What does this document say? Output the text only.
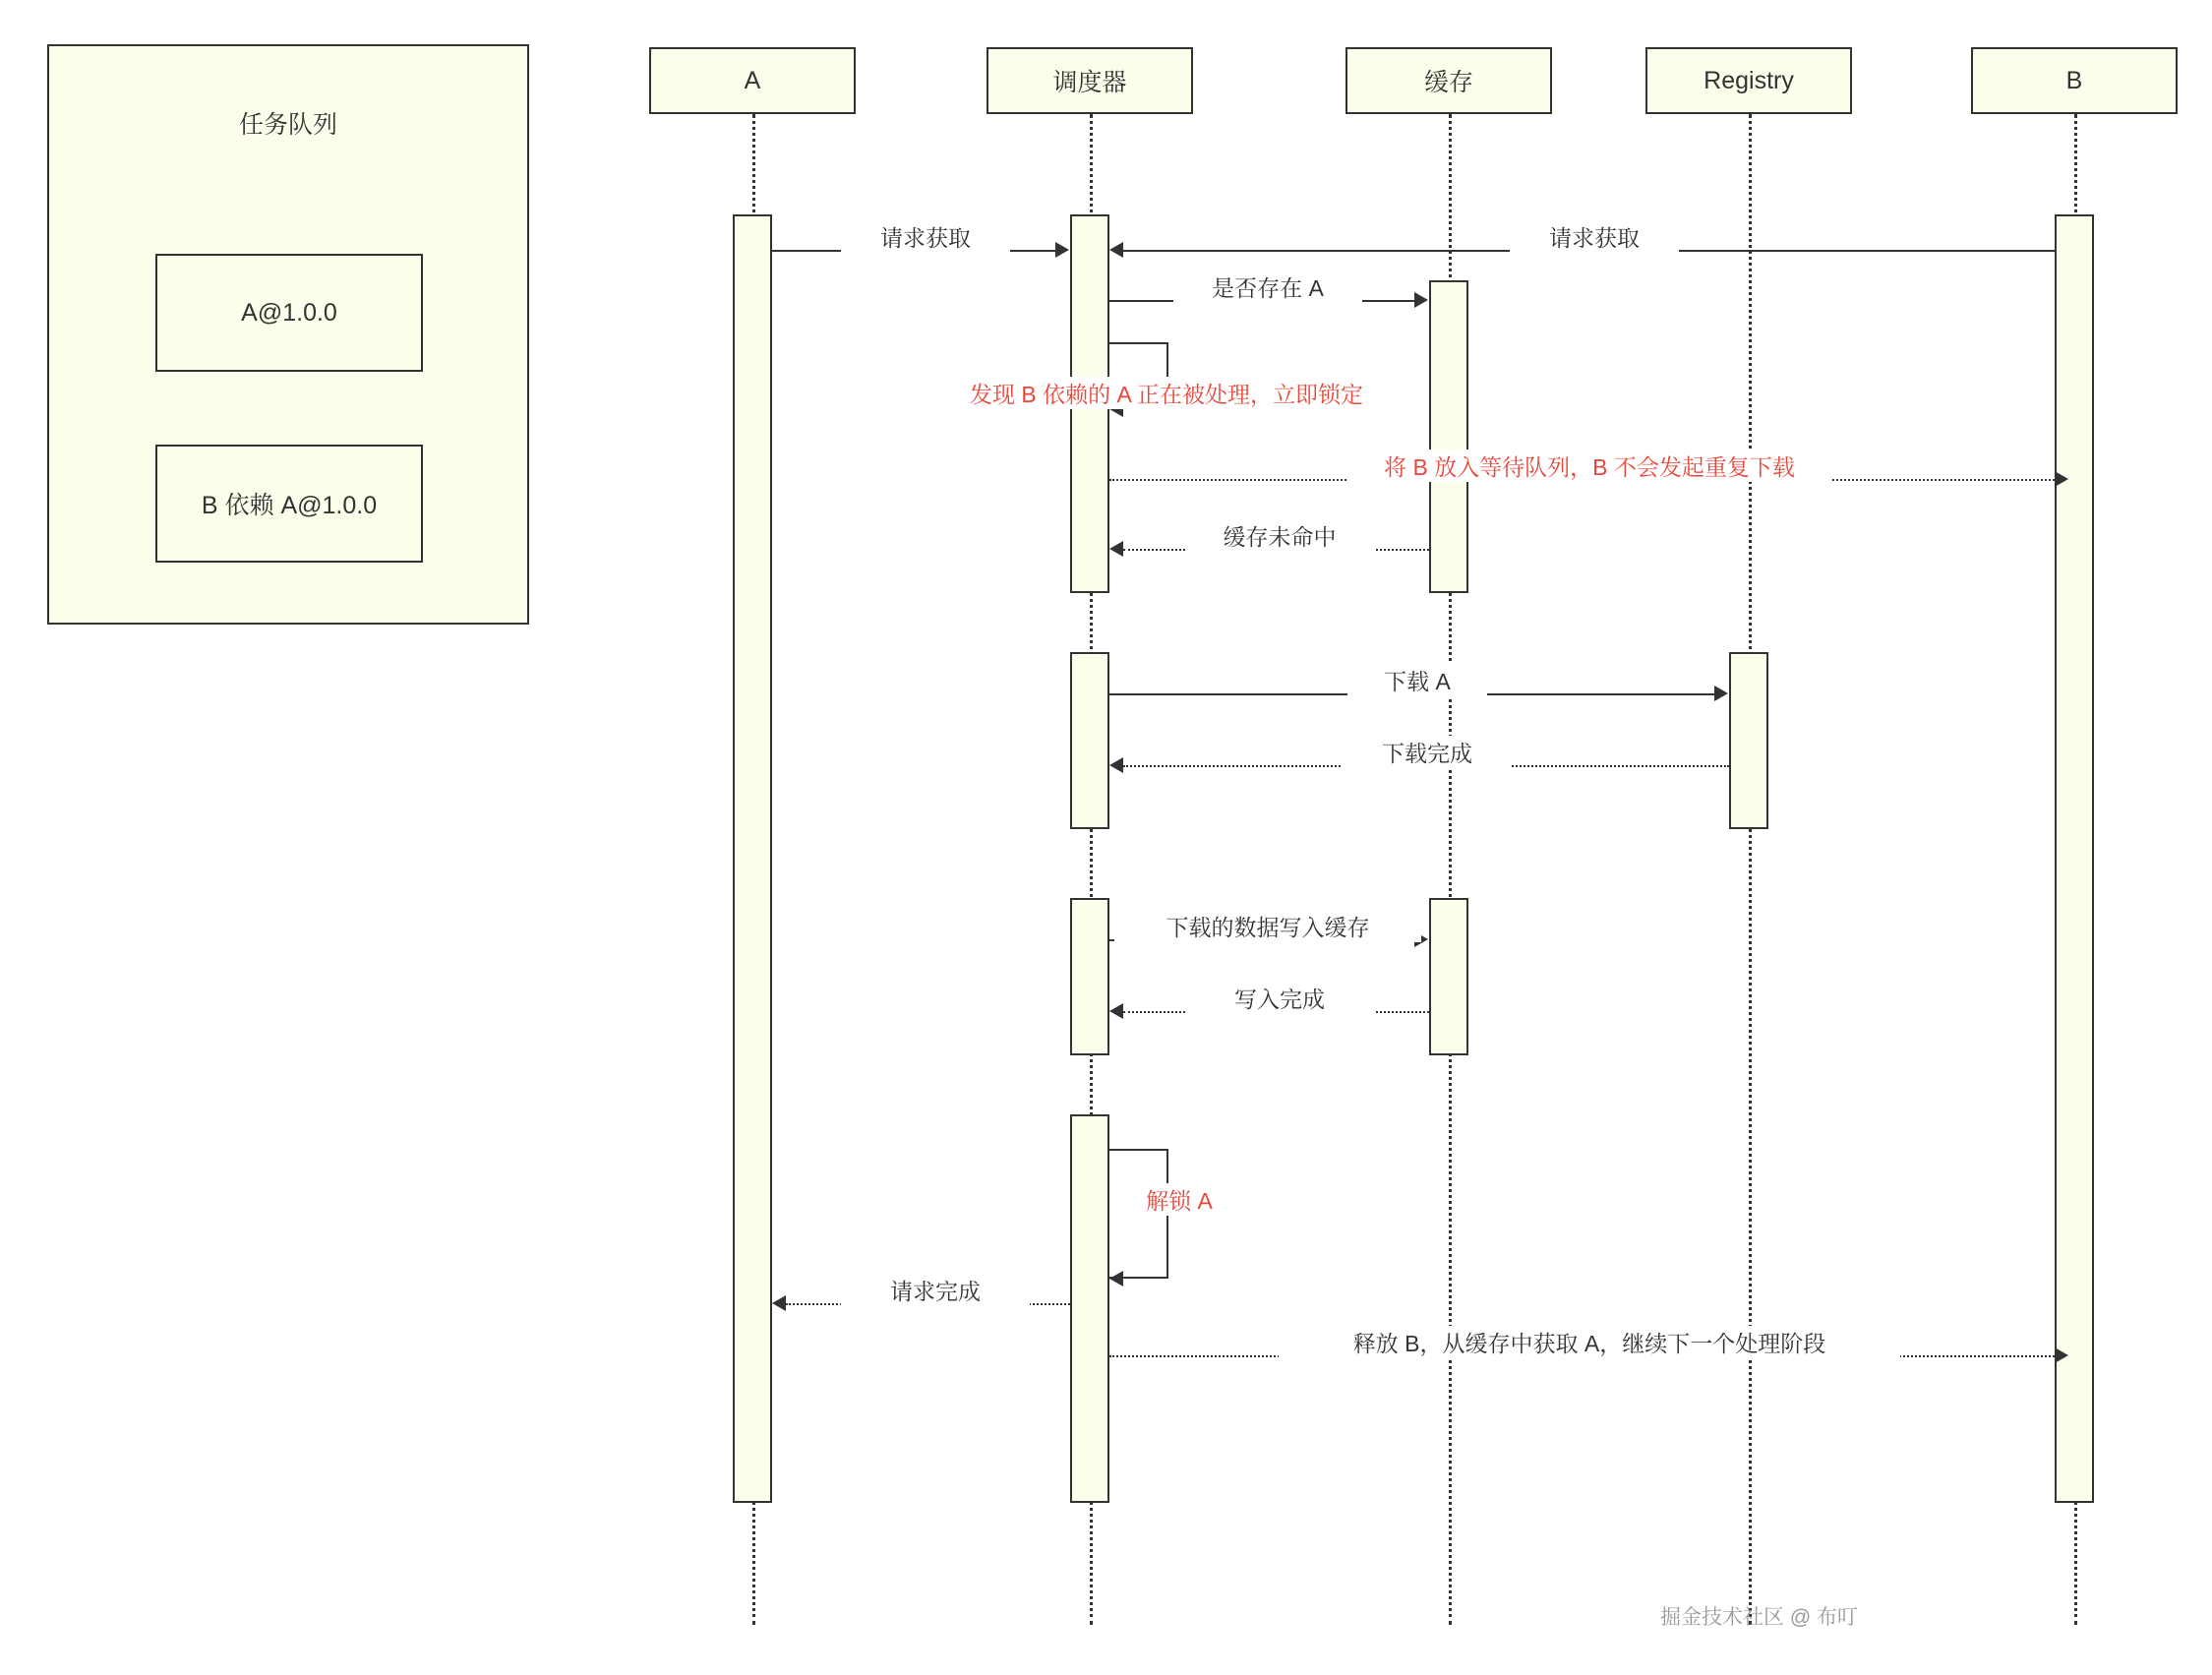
任务队列
A@1.0.0
B 依赖 A@1.0.0
A	调度器	缓存	Registry	B
请求获取	请求获取
是否存在 A
发现 B 依赖的 A 正在被处理，立即锁定
将 B 放入等待队列，B 不会发起重复下载
缓存未命中
下载 A
下载完成
下载的数据写入缓存
写入完成
解锁 A
请求完成
释放 B，从缓存中获取 A，继续下一个处理阶段
掘金技术社区 @ 布叮
